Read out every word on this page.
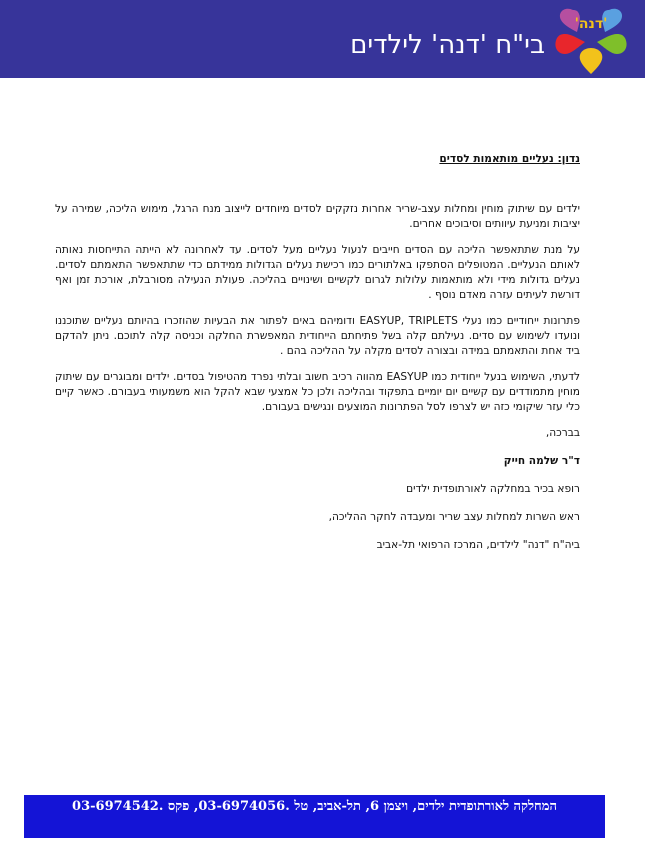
'דנה'
בי"ח 'דנה' לילדים

נדון: נעליים מותאמות לסדים

ילדים עם שיתוק מוחין ומחלות עצב-שריר אחרות נזקקים לסדים מיוחדים לייצוב מנח הרגל, מימוש הליכה, שמירה על יציבות ומניעת עיוותים וסיבוכים אחרים.

על מנת שתתאפשר הליכה עם הסדים חייבים לנעול נעליים מעל לסדים. עד לאחרונה לא הייתה התייחסות נאותה לאותם הנעליים. המטופלים הסתפקו באלתורים כמו רכישת נעלים הגדולות ממידתם כדי שתתאפשר התאמתם לסדים. נעלים גדולות מידי ולא מותאמות עלולות לגרום לקשיים ושינויים בהליכה. פעולת הנעילה מסורבלת, אורכת זמן ואף דורשת לעיתים עזרה מאדם נוסף .

פתרונות ייחודיים כמו נעלי EASYUP, TRIPLETS ודומיהם באים לפתור את הבעיות שהוזכרו בהיותם נעליים שתוכננו ונועדו לשימוש עם סדים. נעילתם קלה בשל פתיחתם הייחודית המאפשרת החלקה וכניסה קלה לתוכם. ניתן להדקם ביד אחת והתאמתם במידה ובצורה לסדים מקלה על ההליכה בהם .

לדעתי, השימוש בנעל ייחודית כמו EASYUP מהווה רכיב חשוב ובלתי נפרד מהטיפול בסדים. ילדים ומבוגרים עם שיתוק מוחין מתמודדים עם קשיים יום יומיים בתפקוד ובהליכה ולכן כל אמצעי שבא להקל הוא משמעותי בעבורם. כאשר קיים כלי עזר שיקומי כזה יש לצרפו לסל הפתרונות המוצעים ונגישים בעבורם.

בברכה,

ד"ר שלמה חייק

רופא בכיר במחלקה לאורתופדית ילדים

ראש השרות למחלות עצב שריר ומעבדה לחקר ההליכה,

ביה"ח "דנה" לילדים, המרכז הרפואי תל-אביב

המחלקה לאורתופדית ילדים, ויצמן 6, תל-אביב, טל .03-6974056, פקס .03-6974542
